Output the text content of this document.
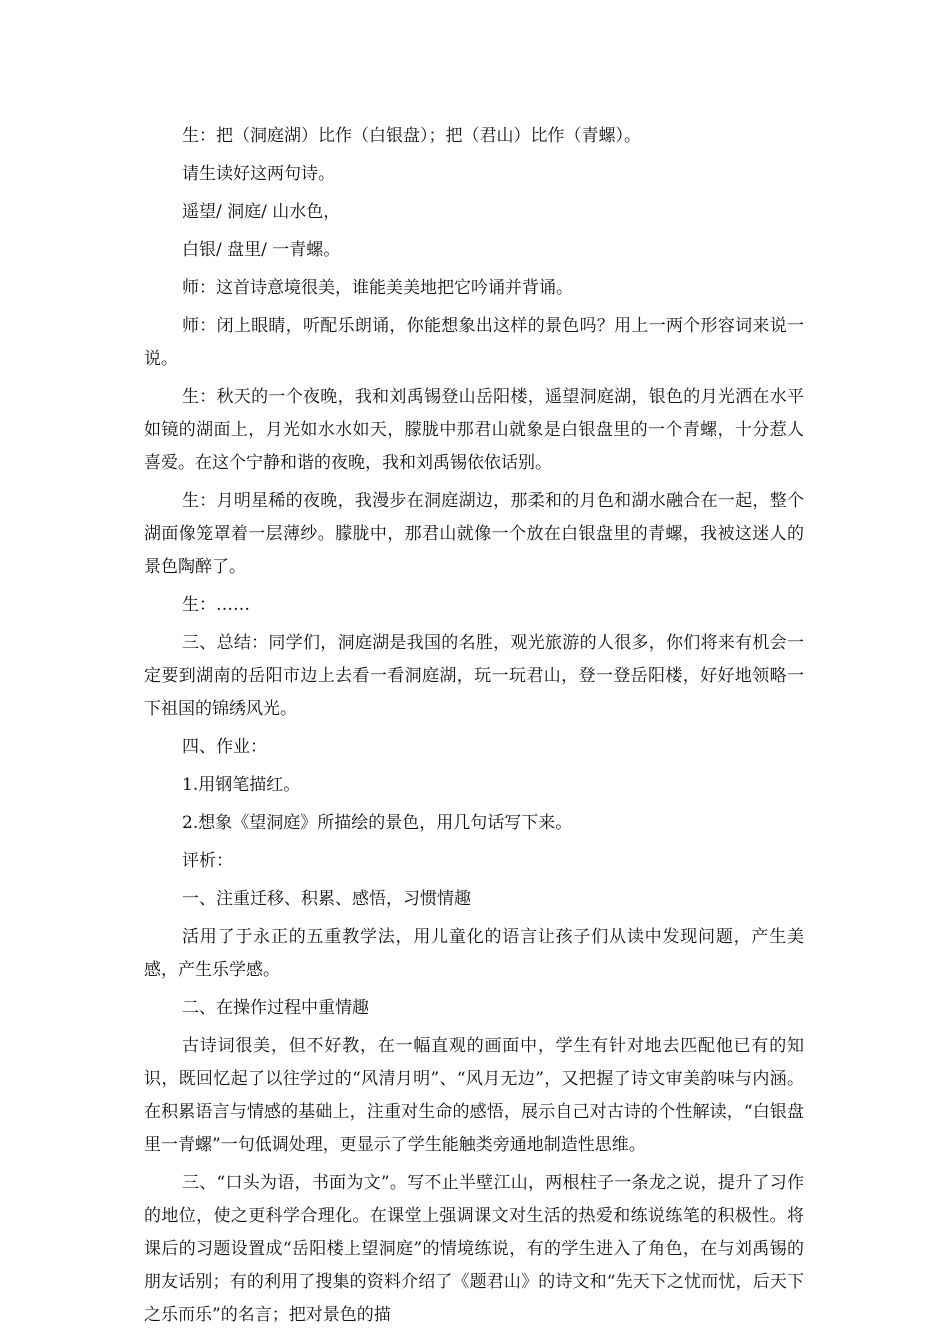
生：把（洞庭湖）比作（白银盘）；把（君山）比作（青螺）。

请生读好这两句诗。

遥望/ 洞庭/ 山水色，

白银/ 盘里/ 一青螺。

师：这首诗意境很美，谁能美美地把它吟诵并背诵。

师：闭上眼睛，听配乐朗诵，你能想象出这样的景色吗？用上一两个形容词来说一说。

生：秋天的一个夜晚，我和刘禹锡登山岳阳楼，遥望洞庭湖，银色的月光洒在水平如镜的湖面上，月光如水水如天，朦胧中那君山就象是白银盘里的一个青螺，十分惹人喜爱。在这个宁静和谐的夜晚，我和刘禹锡依依话别。

生：月明星稀的夜晚，我漫步在洞庭湖边，那柔和的月色和湖水融合在一起，整个湖面像笼罩着一层薄纱。朦胧中，那君山就像一个放在白银盘里的青螺，我被这迷人的景色陶醉了。

生：……

三、总结：同学们，洞庭湖是我国的名胜，观光旅游的人很多，你们将来有机会一定要到湖南的岳阳市边上去看一看洞庭湖，玩一玩君山，登一登岳阳楼，好好地领略一下祖国的锦绣风光。

四、作业：

1.用钢笔描红。

2.想象《望洞庭》所描绘的景色，用几句话写下来。

评析：

一、注重迁移、积累、感悟，习惯情趣

活用了于永正的五重教学法，用儿童化的语言让孩子们从读中发现问题，产生美感，产生乐学感。

二、在操作过程中重情趣

古诗词很美，但不好教，在一幅直观的画面中，学生有针对地去匹配他已有的知识，既回忆起了以往学过的“风清月明”、“风月无边”，又把握了诗文审美韵味与内涵。在积累语言与情感的基础上，注重对生命的感悟，展示自己对古诗的个性解读，“白银盘里一青螺”一句低调处理，更显示了学生能触类旁通地制造性思维。

三、“口头为语，书面为文”。写不止半壁江山，两根柱子一条龙之说，提升了习作的地位，使之更科学合理化。在课堂上强调课文对生活的热爱和练说练笔的积极性。将课后的习题设置成“岳阳楼上望洞庭”的情境练说，有的学生进入了角色，在与刘禹锡的朋友话别；有的利用了搜集的资料介绍了《题君山》的诗文和“先天下之忧而忧，后天下之乐而乐”的名言；把对景色的描
